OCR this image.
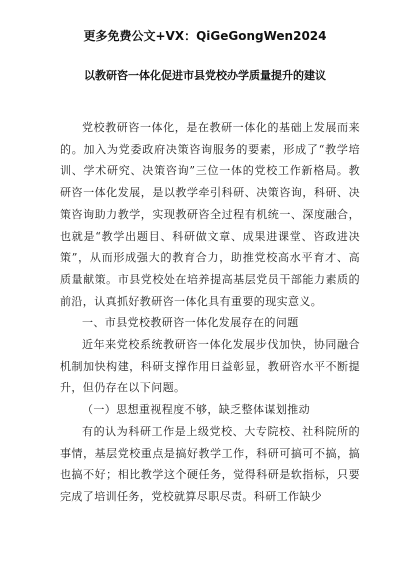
更多免费公文+VX：QiGeGongWen2024
以教研咨一体化促进市县党校办学质量提升的建议

党校教研咨一体化，是在教研一体化的基础上发展而来的。加入为党委政府决策咨询服务的要素，形成了“教学培训、学术研究、决策咨询”三位一体的党校工作新格局。教研咨一体化发展，是以教学牵引科研、决策咨询，科研、决策咨询助力教学，实现教研咨全过程有机统一、深度融合，也就是“教学出题目、科研做文章、成果进课堂、咨政进决策”，从而形成强大的教育合力，助推党校高水平育才、高质量献策。市县党校处在培养提高基层党员干部能力素质的前沿，认真抓好教研咨一体化具有重要的现实意义。

一、市县党校教研咨一体化发展存在的问题

近年来党校系统教研咨一体化发展步伐加快，协同融合机制加快构建，科研支撑作用日益彰显，教研咨水平不断提升，但仍存在以下问题。

（一）思想重视程度不够，缺乏整体谋划推动

有的认为科研工作是上级党校、大专院校、社科院所的事情，基层党校重点是搞好教学工作，科研可搞可不搞，搞也搞不好；相比教学这个硬任务，觉得科研是软指标，只要完成了培训任务，党校就算尽职尽责。科研工作缺少
